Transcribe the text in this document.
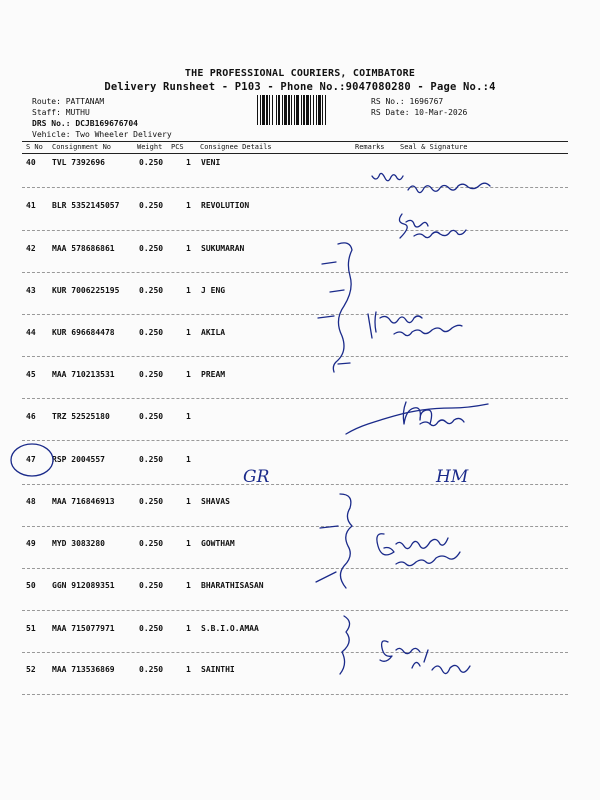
THE PROFESSIONAL COURIERS, COIMBATORE
Delivery Runsheet - P103 - Phone No.:9047080280 - Page No.:4
Route: PATTANAM
Staff: MUTHU
DRS No.: DCJB169676704
Vehicle: Two Wheeler Delivery
RS No.: 1696767
RS Date: 10-Mar-2026
S No Consignment No	Weight PCS Consignee Details	Remarks Seal & Signature
40 TVL 7392696	0.250	1 VENI
41 BLR 5352145057 0.250	1 REVOLUTION
42 MAA 578686861	0.250	1 SUKUMARAN
43 KUR 7006225195 0.250	1 J ENG
44 KUR 696684478	0.250	1 AKILA
45 MAA 710213531	0.250	1 PREAM
46 TRZ 52525180	0.250	1
47 RSP 2004557	0.250	1
48 MAA 716846913	0.250	1 SHAVAS
49 MYD 3083280	0.250	1 GOWTHAM
50 GGN 912089351	0.250	1 BHARATHISASAN
51 MAA 715077971	0.250	1 S.B.I.O.AMAA
52 MAA 713536869	0.250	1 SAINTHI
GR	HM
